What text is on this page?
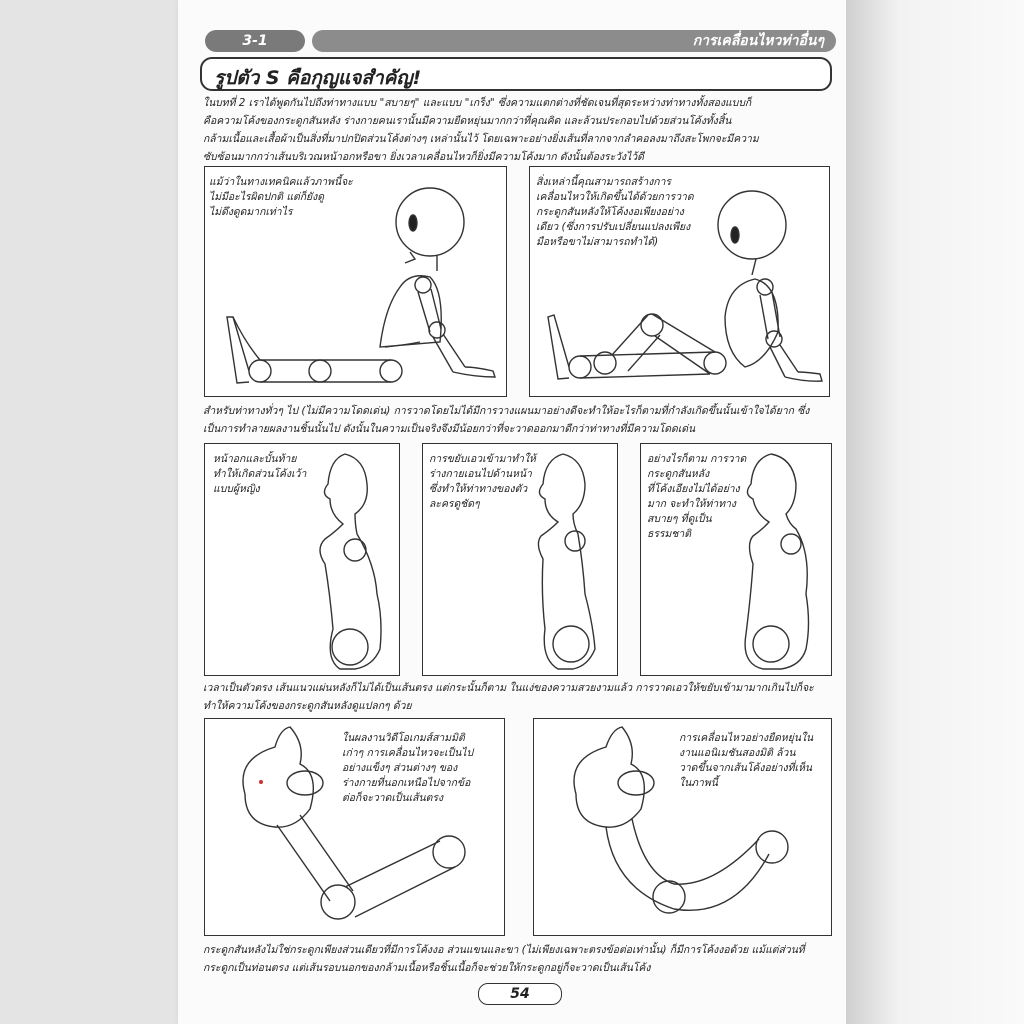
3-1	การเคลื่อนไหวท่าอื่นๆ
รูปตัว S คือกุญแจสำคัญ!
ในบทที่ 2 เราได้พูดกันไปถึงท่าทางแบบ "สบายๆ" และแบบ "เกร็ง" ซึ่งความแตกต่างที่ชัดเจนที่สุดระหว่างท่าทางทั้งสองแบบก็
คือความโค้งของกระดูกสันหลัง ร่างกายคนเรานั้นมีความยืดหยุ่นมากกว่าที่คุณคิด และล้วนประกอบไปด้วยส่วนโค้งทั้งสิ้น
กล้ามเนื้อและเสื้อผ้าเป็นสิ่งที่มาปกปิดส่วนโค้งต่างๆ เหล่านั้นไว้ โดยเฉพาะอย่างยิ่งเส้นที่ลากจากลำคอลงมาถึงสะโพกจะมีความ
ซับซ้อนมากกว่าเส้นบริเวณหน้าอกหรือขา ยิ่งเวลาเคลื่อนไหวก็ยิ่งมีความโค้งมาก ดังนั้นต้องระวังไว้ดี
แม้ว่าในทางเทคนิคแล้วภาพนี้จะ
ไม่มีอะไรผิดปกติ แต่ก็ยังดู
ไม่ดึงดูดมากเท่าไร
สิ่งเหล่านี้คุณสามารถสร้างการ
เคลื่อนไหวให้เกิดขึ้นได้ด้วยการวาด
กระดูกสันหลังให้โค้งงอเพียงอย่าง
เดียว (ซึ่งการปรับเปลี่ยนแปลงเพียง
มือหรือขาไม่สามารถทำได้)
สำหรับท่าทางทั่วๆ ไป (ไม่มีความโดดเด่น) การวาดโดยไม่ได้มีการวางแผนมาอย่างดีจะทำให้อะไรก็ตามที่กำลังเกิดขึ้นนั้นเข้าใจได้ยาก ซึ่ง
เป็นการทำลายผลงานชิ้นนั้นไป ดังนั้นในความเป็นจริงจึงมีน้อยกว่าที่จะวาดออกมาดีกว่าท่าทางที่มีความโดดเด่น
หน้าอกและบั้นท้าย
ทำให้เกิดส่วนโค้งเว้า
แบบผู้หญิง
การขยับเอวเข้ามาทำให้
ร่างกายเอนไปด้านหน้า
ซึ่งทำให้ท่าทางของตัว
ละครดูชัดๆ
อย่างไรก็ตาม การวาด
กระดูกสันหลัง
ที่โค้งเอียงไม่ได้อย่าง
มาก จะทำให้ท่าทาง
สบายๆ ที่ดูเป็น
ธรรมชาติ
เวลาเป็นตัวตรง เส้นแนวแผ่นหลังก็ไม่ได้เป็นเส้นตรง แต่กระนั้นก็ตาม ในแง่ของความสวยงามแล้ว การวาดเอวให้ขยับเข้ามามากเกินไปก็จะ
ทำให้ความโค้งของกระดูกสันหลังดูแปลกๆ ด้วย
ในผลงานวิดีโอเกมส์สามมิติ
เก่าๆ การเคลื่อนไหวจะเป็นไป
อย่างแข็งๆ ส่วนต่างๆ ของ
ร่างกายที่นอกเหนือไปจากข้อ
ต่อก็จะวาดเป็นเส้นตรง
การเคลื่อนไหวอย่างยืดหยุ่นใน
งานแอนิเมชันสองมิติ ล้วน
วาดขึ้นจากเส้นโค้งอย่างที่เห็น
ในภาพนี้
กระดูกสันหลังไม่ใช่กระดูกเพียงส่วนเดียวที่มีการโค้งงอ ส่วนแขนและขา (ไม่เพียงเฉพาะตรงข้อต่อเท่านั้น) ก็มีการโค้งงอด้วย แม้แต่ส่วนที่
กระดูกเป็นท่อนตรง แต่เส้นรอบนอกของกล้ามเนื้อหรือชิ้นเนื้อก็จะช่วยให้กระดูกอยู่ก็จะวาดเป็นเส้นโค้ง
54
